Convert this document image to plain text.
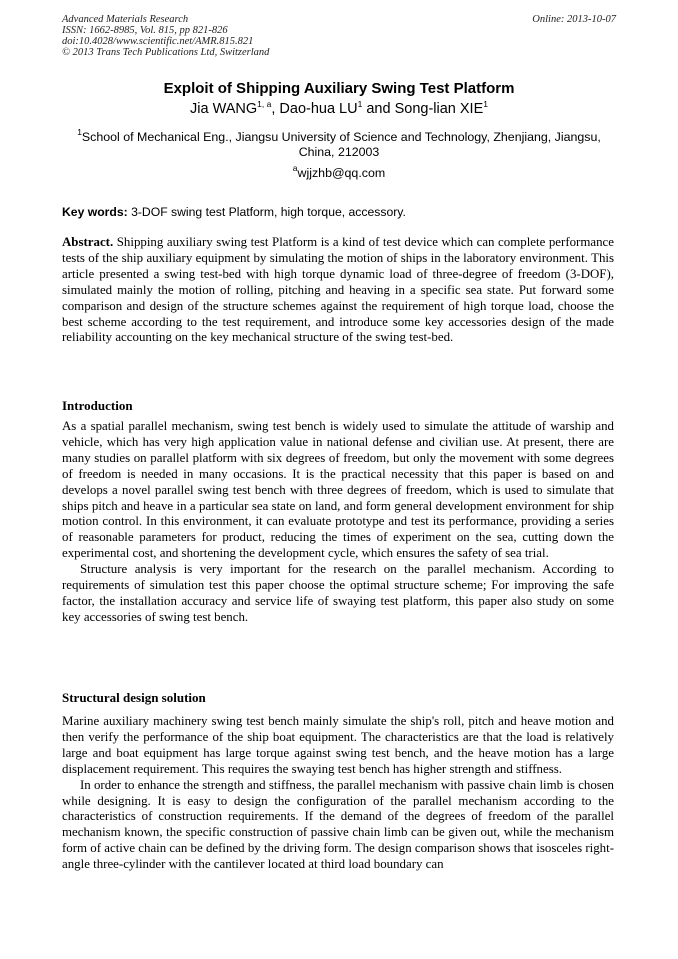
Advanced Materials Research
ISSN: 1662-8985, Vol. 815, pp 821-826
doi:10.4028/www.scientific.net/AMR.815.821
© 2013 Trans Tech Publications Ltd, Switzerland
Online: 2013-10-07
Exploit of Shipping Auxiliary Swing Test Platform
Jia WANG$^{1, a}$, Dao-hua $LU^1$ and Song-lian XIE$^1$
$^1$School of Mechanical Eng., Jiangsu University of Science and Technology, Zhenjiang, Jiangsu, China, 212003
$^a$wjjzhb@qq.com
Key words: 3-DOF swing test Platform, high torque, accessory.

Abstract. Shipping auxiliary swing test Platform is a kind of test device which can complete performance tests of the ship auxiliary equipment by simulating the motion of ships in the laboratory environment. This article presented a swing test-bed with high torque dynamic load of three-degree of freedom (3-DOF), simulated mainly the motion of rolling, pitching and heaving in a specific sea state. Put forward some comparison and design of the structure schemes against the requirement of high torque load, choose the best scheme according to the test requirement, and introduce some key accessories design of the made reliability accounting on the key mechanical structure of the swing test-bed.

Introduction

As a spatial parallel mechanism, swing test bench is widely used to simulate the attitude of warship and vehicle, which has very high application value in national defense and civilian use. At present, there are many studies on parallel platform with six degrees of freedom, but only the movement with some degrees of freedom is needed in many occasions. It is the practical necessity that this paper is based on and develops a novel parallel swing test bench with three degrees of freedom, which is used to simulate that ships pitch and heave in a particular sea state on land, and form general development environment for ship motion control. In this environment, it can evaluate prototype and test its performance, providing a series of reasonable parameters for product, reducing the times of experiment on the sea, cutting down the experimental cost, and shortening the development cycle, which ensures the safety of sea trial.

Structure analysis is very important for the research on the parallel mechanism. According to requirements of simulation test this paper choose the optimal structure scheme; For improving the safe factor, the installation accuracy and service life of swaying test platform, this paper also study on some key accessories of swing test bench.

Structural design solution

Marine auxiliary machinery swing test bench mainly simulate the ship's roll, pitch and heave motion and then verify the performance of the ship boat equipment. The characteristics are that the load is relatively large and boat equipment has large torque against swing test bench, and the heave motion has a large displacement requirement. This requires the swaying test bench has higher strength and stiffness.

In order to enhance the strength and stiffness, the parallel mechanism with passive chain limb is chosen while designing. It is easy to design the configuration of the parallel mechanism according to the characteristics of construction requirements. If the demand of the degrees of freedom of the parallel mechanism known, the specific construction of passive chain limb can be given out, while the mechanism form of active chain can be defined by the driving form. The design comparison shows that isosceles right-angle three-cylinder with the cantilever located at third load boundary can
